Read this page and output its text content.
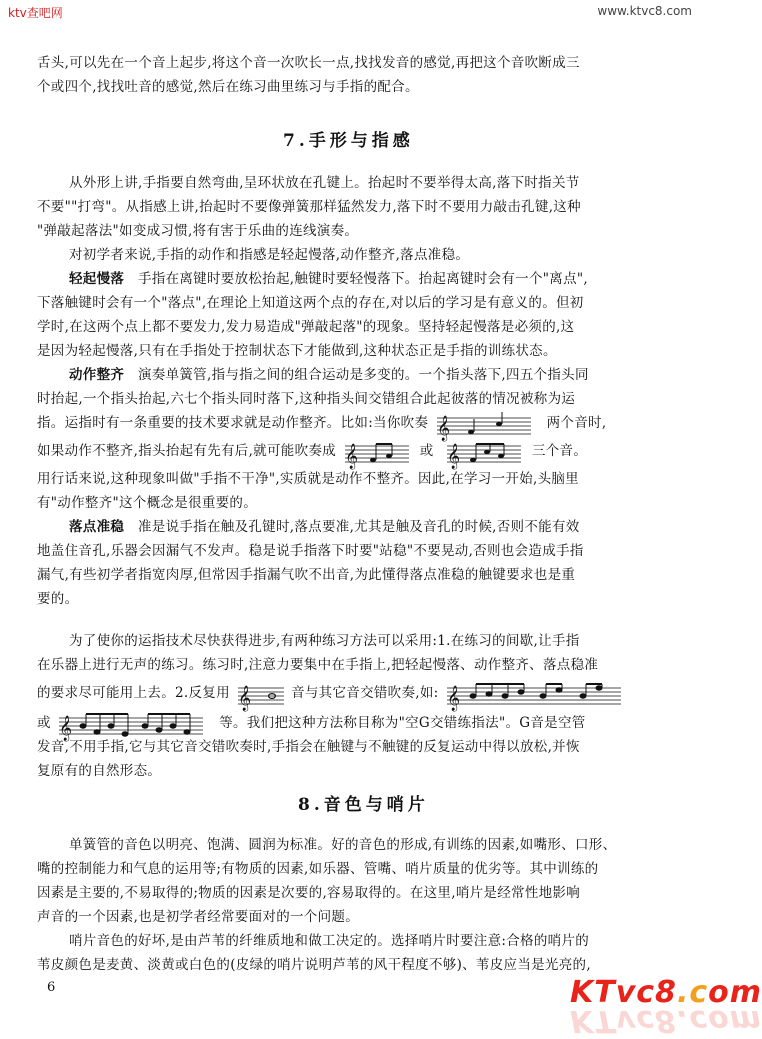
ktv查吧网	www.ktvc8.com
舌头,可以先在一个音上起步,将这个音一次吹长一点,找找发音的感觉,再把这个音吹断成三
个或四个,找找吐音的感觉,然后在练习曲里练习与手指的配合。
7.手形与指感
从外形上讲,手指要自然弯曲,呈环状放在孔键上。抬起时不要举得太高,落下时指关节
不要""打弯"。从指感上讲,抬起时不要像弹簧那样猛然发力,落下时不要用力敲击孔键,这种
"弹敲起落法"如变成习惯,将有害于乐曲的连线演奏。
对初学者来说,手指的动作和指感是轻起慢落,动作整齐,落点准稳。
轻起慢落 手指在离键时要放松抬起,触键时要轻慢落下。抬起离键时会有一个"离点",
下落触键时会有一个"落点",在理论上知道这两个点的存在,对以后的学习是有意义的。但初
学时,在这两个点上都不要发力,发力易造成"弹敲起落"的现象。坚持轻起慢落是必须的,这
是因为轻起慢落,只有在手指处于控制状态下才能做到,这种状态正是手指的训练状态。
动作整齐 演奏单簧管,指与指之间的组合运动是多变的。一个指头落下,四五个指头同
时抬起,一个指头抬起,六七个指头同时落下,这种指头间交错组合此起彼落的情况被称为运
指。运指时有一条重要的技术要求就是动作整齐。比如:当你吹奏 𝄞	两个音时,
如果动作不整齐,指头抬起有先有后,就可能吹奏成 𝄞	或 𝄞	三个音。
用行话来说,这种现象叫做"手指不干净",实质就是动作不整齐。因此,在学习一开始,头脑里
有"动作整齐"这个概念是很重要的。
落点准稳 准是说手指在触及孔键时,落点要准,尤其是触及音孔的时候,否则不能有效
地盖住音孔,乐器会因漏气不发声。稳是说手指落下时要"站稳"不要晃动,否则也会造成手指
漏气,有些初学者指宽肉厚,但常因手指漏气吹不出音,为此懂得落点准稳的触键要求也是重
要的。
为了使你的运指技术尽快获得进步,有两种练习方法可以采用:1.在练习的间歇,让手指
在乐器上进行无声的练习。练习时,注意力要集中在手指上,把轻起慢落、动作整齐、落点稳准
的要求尽可能用上去。2.反复用 𝄞	音与其它音交错吹奏,如: 𝄞
或 𝄞	等。我们把这种方法称目称为"空G交错练指法"。G音是空管
发音,不用手指,它与其它音交错吹奏时,手指会在触键与不触键的反复运动中得以放松,并恢
复原有的自然形态。
8.音色与哨片
单簧管的音色以明亮、饱满、圆润为标准。好的音色的形成,有训练的因素,如嘴形、口形、
嘴的控制能力和气息的运用等;有物质的因素,如乐器、管嘴、哨片质量的优劣等。其中训练的
因素是主要的,不易取得的;物质的因素是次要的,容易取得的。在这里,哨片是经常性地影响
声音的一个因素,也是初学者经常要面对的一个问题。
哨片音色的好坏,是由芦苇的纤维质地和做工决定的。选择哨片时要注意:合格的哨片的
苇皮颜色是麦黄、淡黄或白色的(皮绿的哨片说明芦苇的风干程度不够)、苇皮应当是光亮的,
6	KTvc8.com
KTvc8.com
